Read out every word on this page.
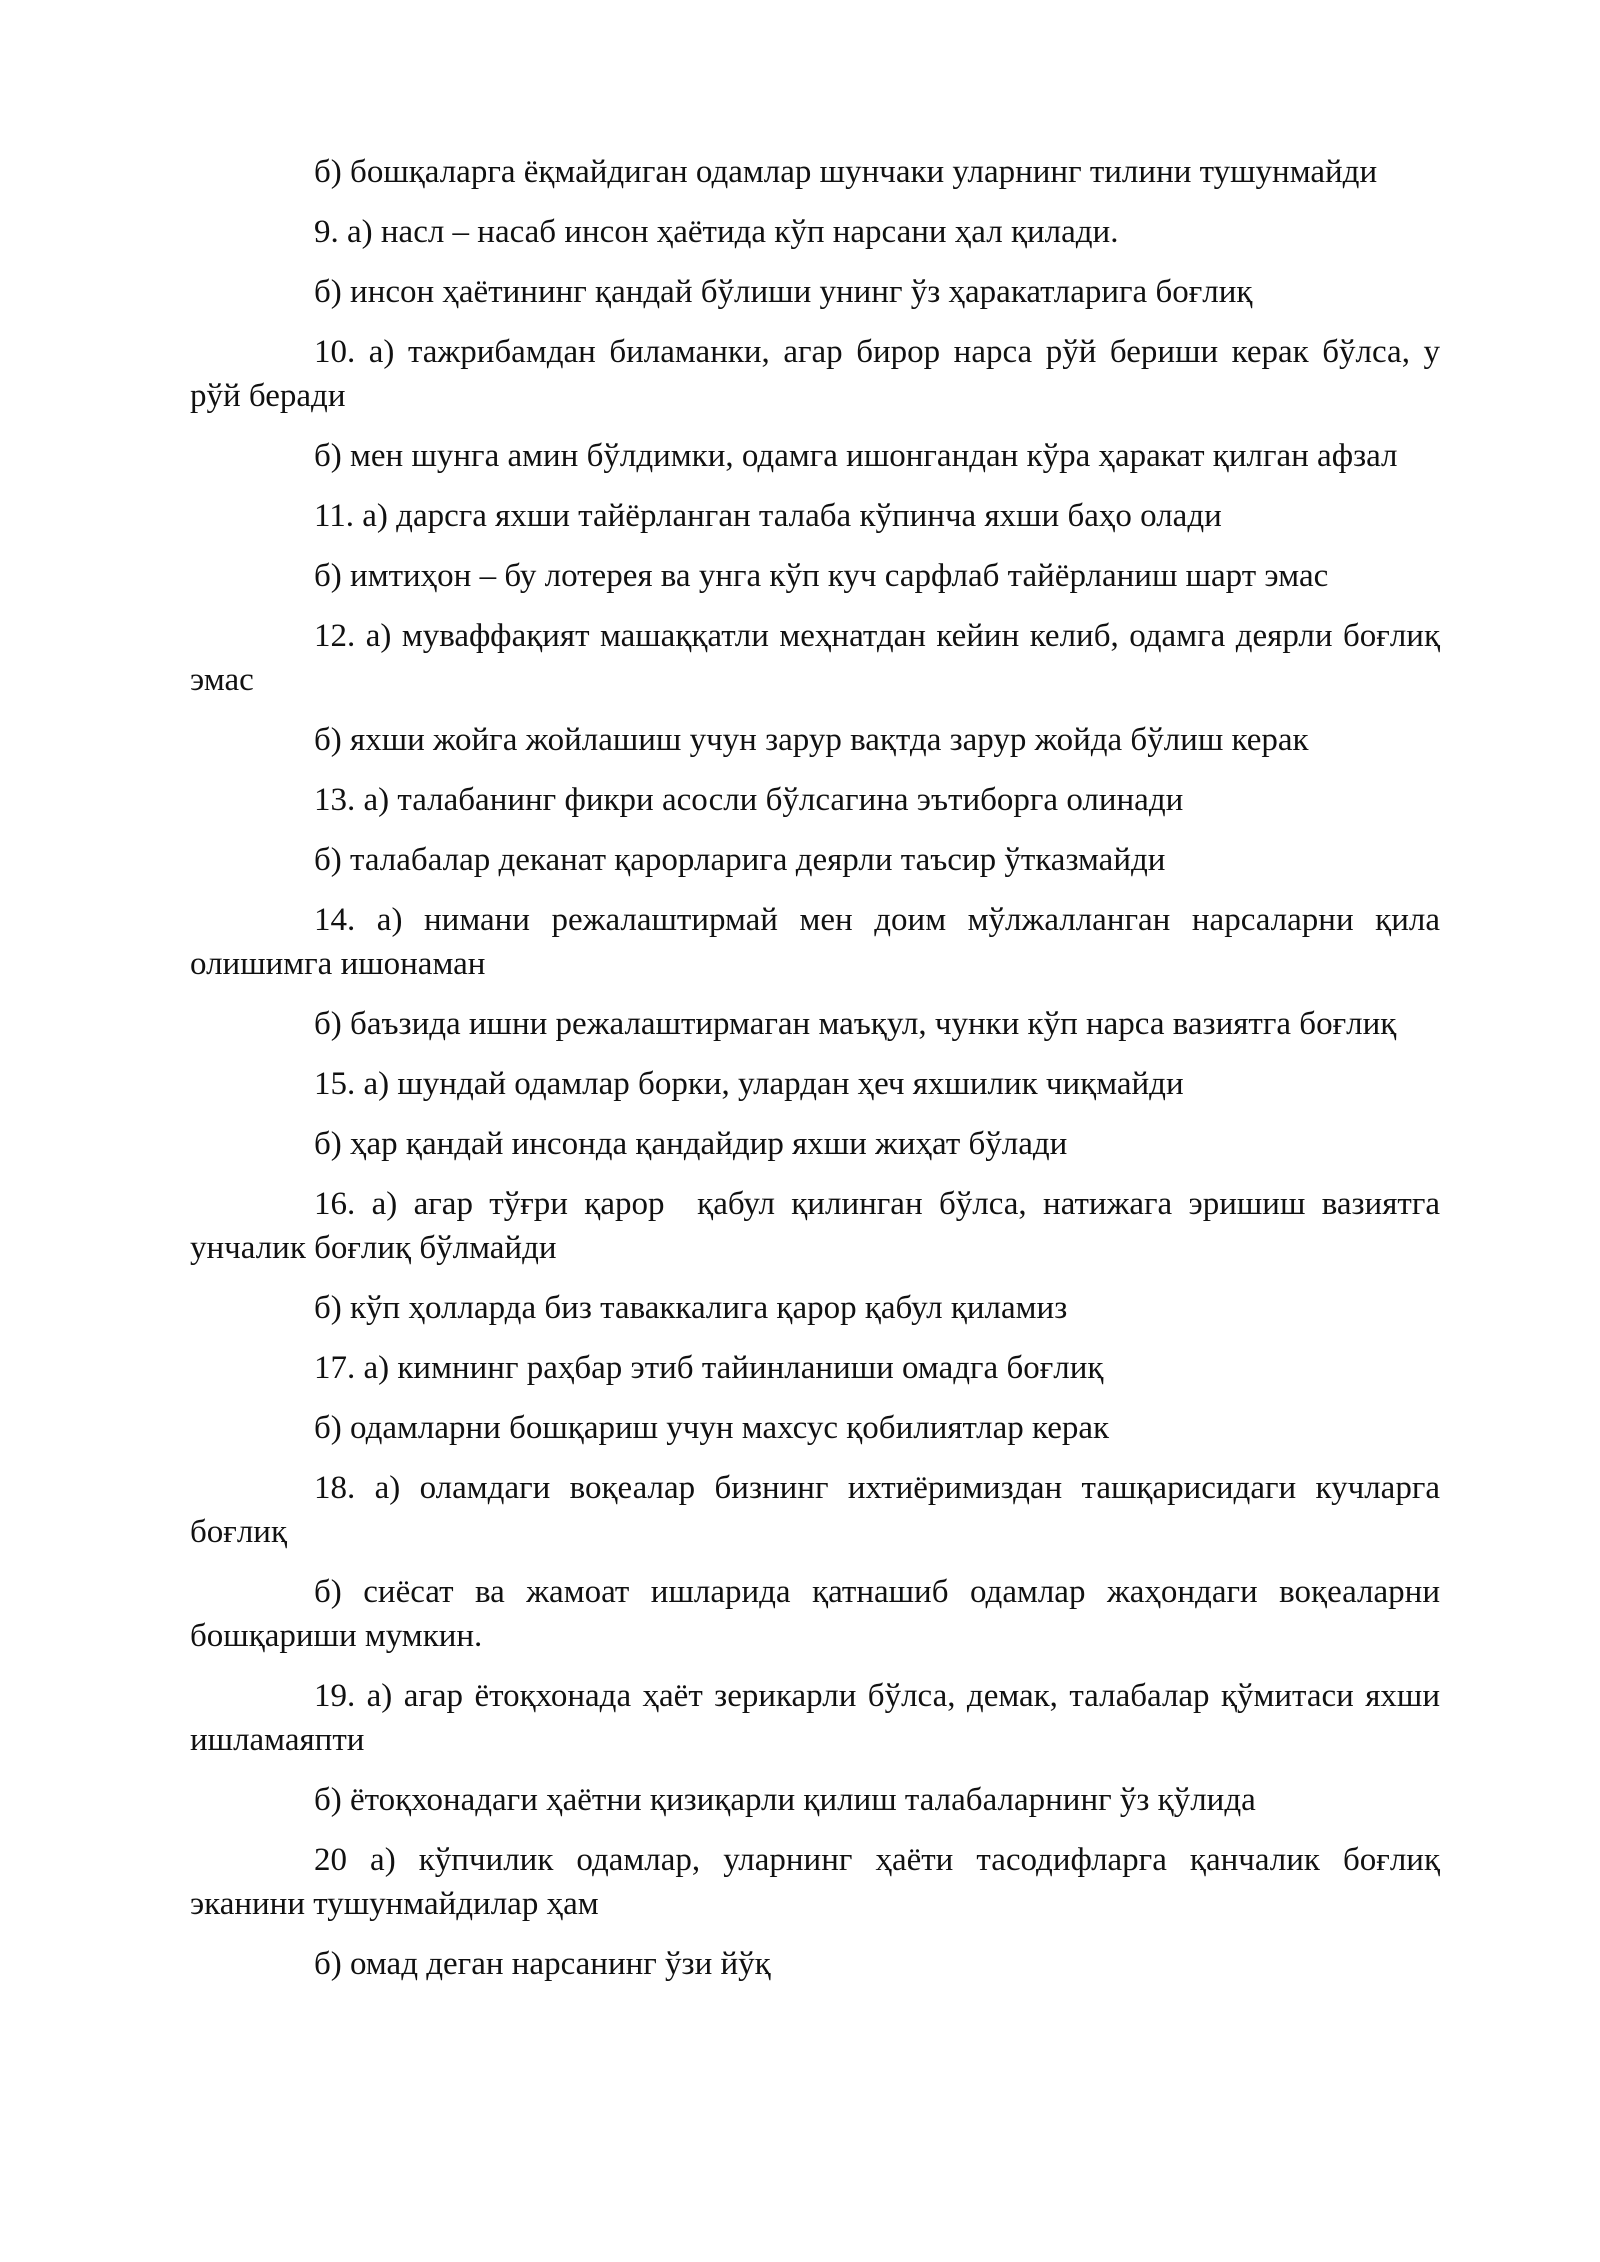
б) бошқаларга ёқмайдиган одамлар шунчаки уларнинг тилини тушунмайди

9. а) насл – насаб инсон ҳаётида кўп нарсани ҳал қилади.

б) инсон ҳаётининг қандай бўлиши унинг ўз ҳаракатларига боғлиқ

10. а) тажрибамдан биламанки, агар бирор нарса рўй бериши керак бўлса, у рўй беради

б) мен шунга амин бўлдимки, одамга ишонгандан кўра ҳаракат қилган афзал

11. а) дарсга яхши тайёрланган талаба кўпинча яхши баҳо олади

б) имтиҳон – бу лотерея ва унга кўп куч сарфлаб тайёрланиш шарт эмас

12. а) муваффақият машаққатли меҳнатдан кейин келиб, одамга деярли боғлиқ эмас

б) яхши жойга жойлашиш учун зарур вақтда зарур жойда бўлиш керак

13. а) талабанинг фикри асосли бўлсагина эътиборга олинади

б) талабалар деканат қарорларига деярли таъсир ўтказмайди

14. а) нимани режалаштирмай мен доим мўлжалланган нарсаларни қила олишимга ишонаман

б) баъзида ишни режалаштирмаган маъқул, чунки кўп нарса вазиятга боғлиқ

15. а) шундай одамлар борки, улардан ҳеч яхшилик чиқмайди

б) ҳар қандай инсонда қандайдир яхши жиҳат бўлади

16. а) агар тўғри қарор  қабул қилинган бўлса, натижага эришиш вазиятга унчалик боғлиқ бўлмайди

б) кўп ҳолларда биз таваккалига қарор қабул қиламиз

17. а) кимнинг раҳбар этиб тайинланиши омадга боғлиқ

б) одамларни бошқариш учун махсус қобилиятлар керак

18. а) оламдаги воқеалар бизнинг ихтиёримиздан ташқарисидаги кучларга боғлиқ

б) сиёсат ва жамоат ишларида қатнашиб одамлар жаҳондаги воқеаларни бошқариши мумкин.

19. а) агар ётоқхонада ҳаёт зерикарли бўлса, демак, талабалар қўмитаси яхши ишламаяпти

б) ётоқхонадаги ҳаётни қизиқарли қилиш талабаларнинг ўз қўлида

20 а) кўпчилик одамлар, уларнинг ҳаёти тасодифларга қанчалик боғлиқ эканини тушунмайдилар ҳам

б) омад деган нарсанинг ўзи йўқ
